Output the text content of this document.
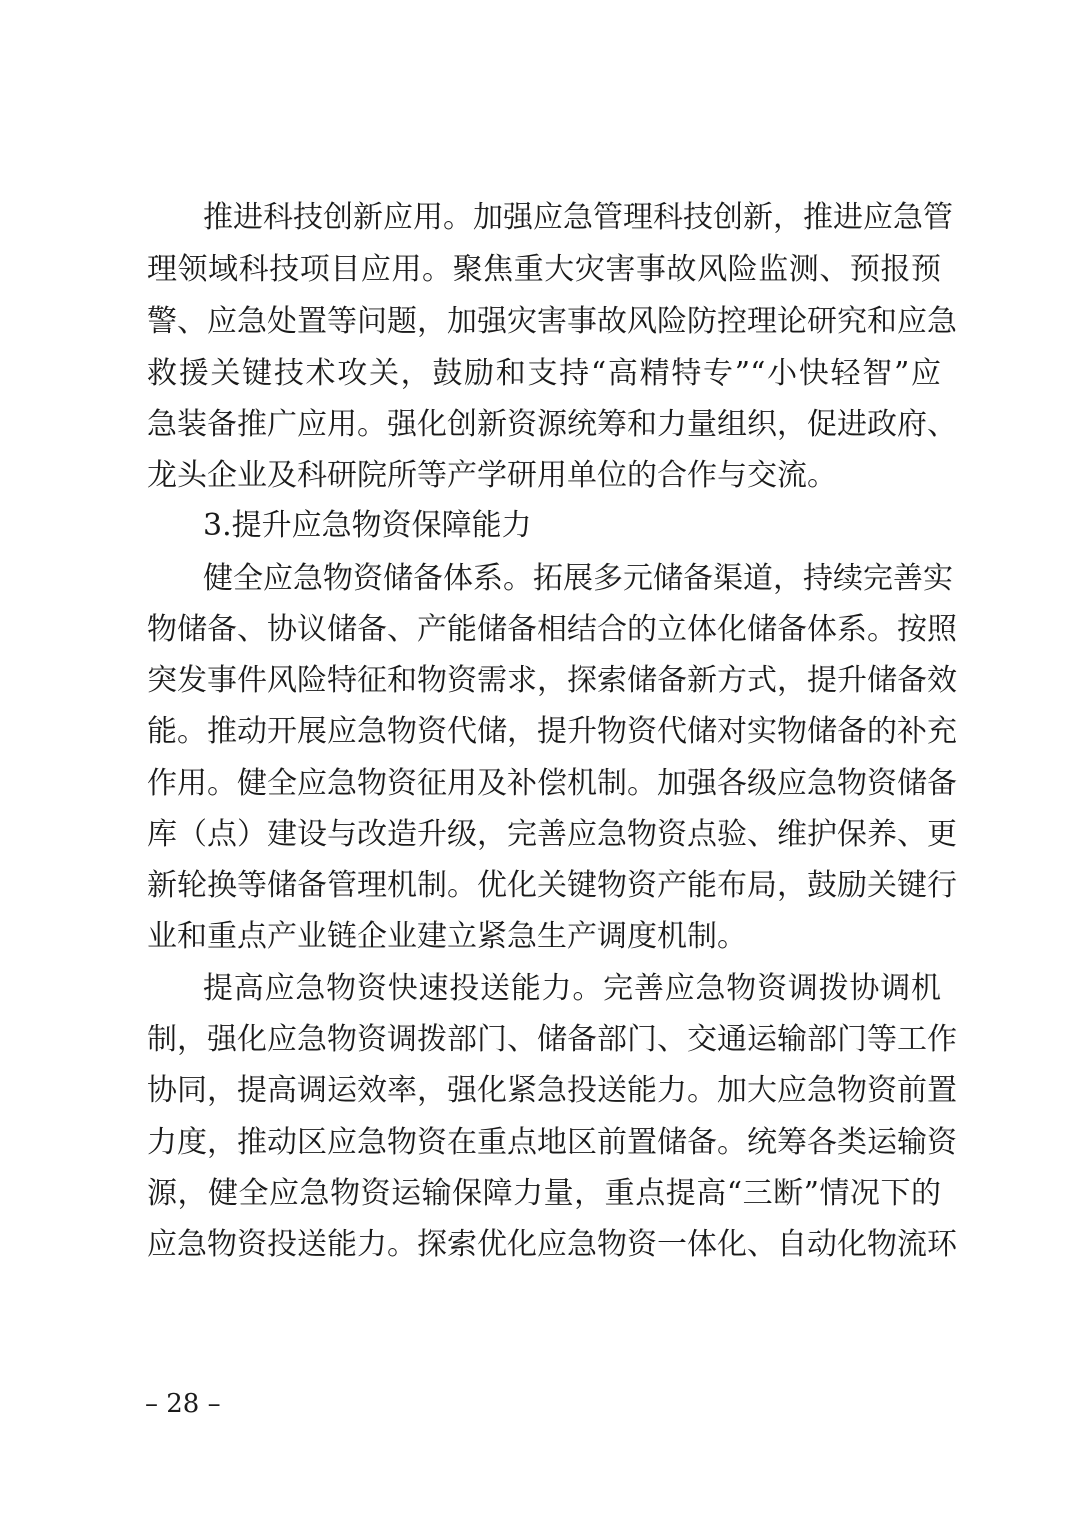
推进科技创新应用。加强应急管理科技创新，推进应急管
理领域科技项目应用。聚焦重大灾害事故风险监测、预报预
警、应急处置等问题，加强灾害事故风险防控理论研究和应急
救援关键技术攻关，鼓励和支持“高精特专”“小快轻智”应
急装备推广应用。强化创新资源统筹和力量组织，促进政府、
龙头企业及科研院所等产学研用单位的合作与交流。
3.提升应急物资保障能力
健全应急物资储备体系。拓展多元储备渠道，持续完善实
物储备、协议储备、产能储备相结合的立体化储备体系。按照
突发事件风险特征和物资需求，探索储备新方式，提升储备效
能。推动开展应急物资代储，提升物资代储对实物储备的补充
作用。健全应急物资征用及补偿机制。加强各级应急物资储备
库（点）建设与改造升级，完善应急物资点验、维护保养、更
新轮换等储备管理机制。优化关键物资产能布局，鼓励关键行
业和重点产业链企业建立紧急生产调度机制。
提高应急物资快速投送能力。完善应急物资调拨协调机
制，强化应急物资调拨部门、储备部门、交通运输部门等工作
协同，提高调运效率，强化紧急投送能力。加大应急物资前置
力度，推动区应急物资在重点地区前置储备。统筹各类运输资
源，健全应急物资运输保障力量，重点提高“三断”情况下的
应急物资投送能力。探索优化应急物资一体化、自动化物流环
– 28 –
